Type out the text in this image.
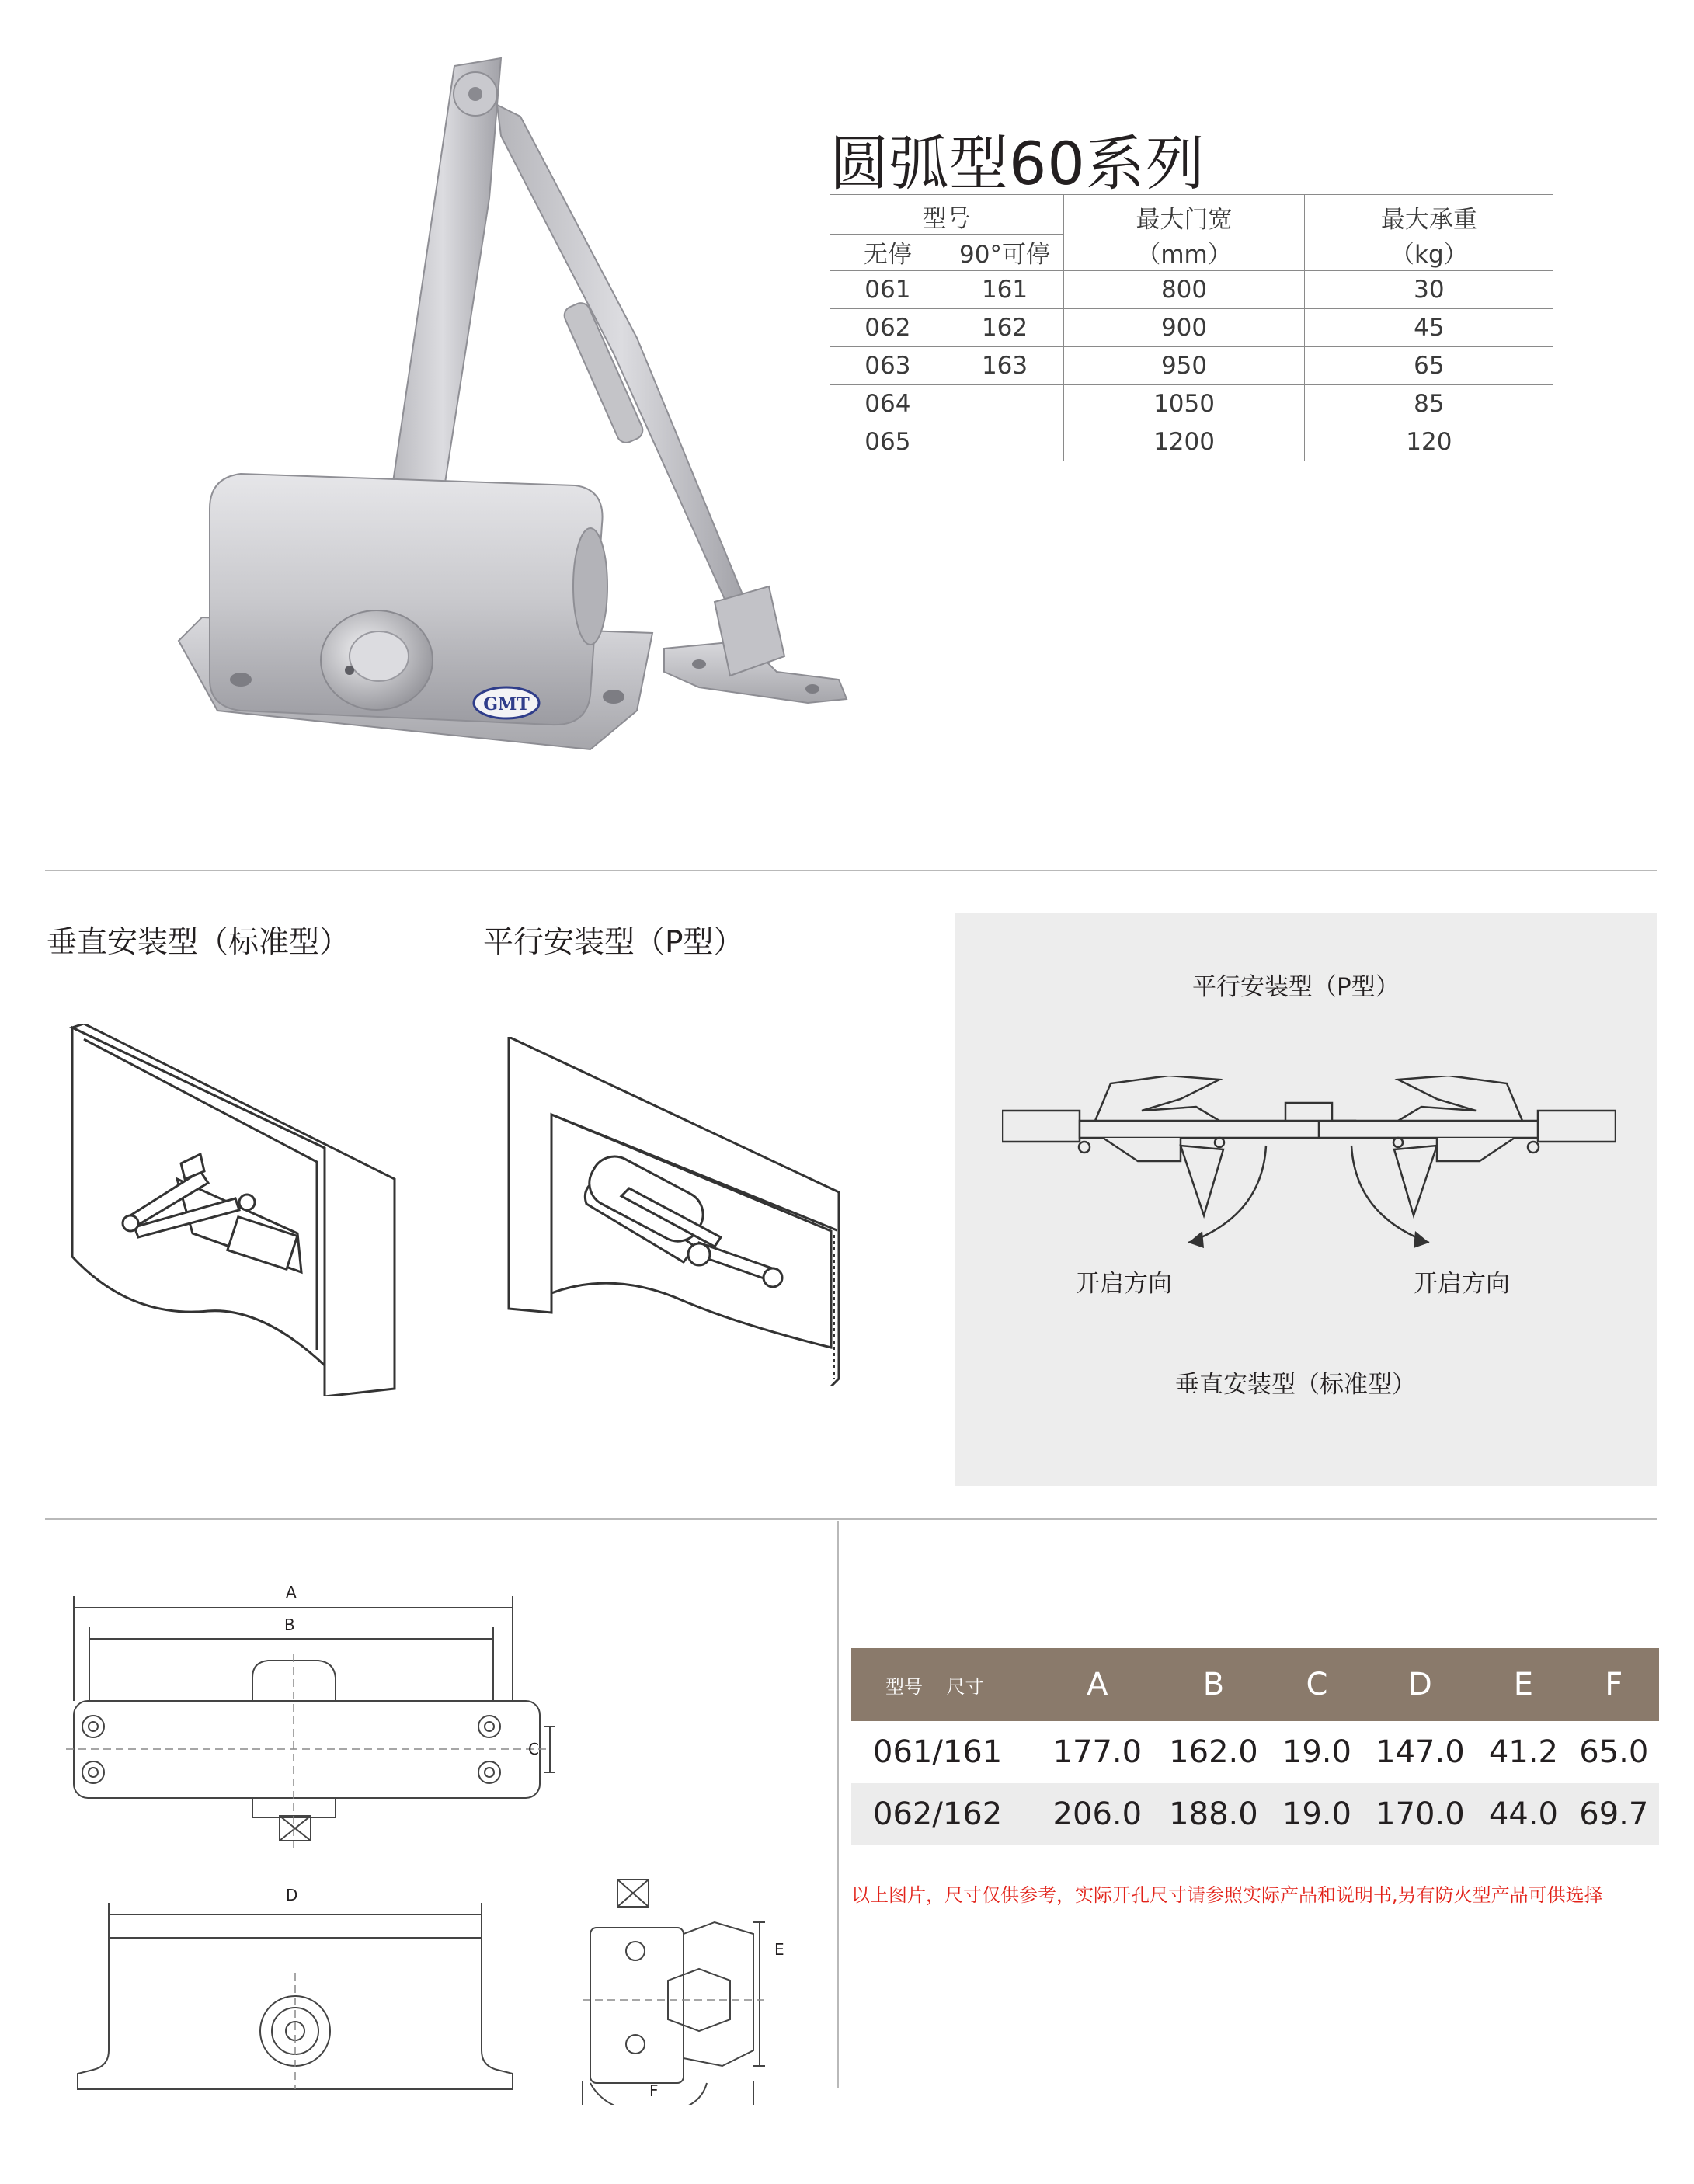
GMT
圆弧型60系列
型号		最大门宽	最大承重
无停	90°可停	（mm）	（kg）
061	161	800	30
062	162	900	45
063	163	950	65
064		1050	85
065		1200	120
垂直安装型（标准型）	平行安装型（P型）
平行安装型（P型）
开启方向	开启方向
垂直安装型（标准型）
A
B
C
D
E
F
型号 尺寸	A	B	C	D	E	F
061/161	177.0	162.0	19.0	147.0	41.2	65.0
062/162	206.0	188.0	19.0	170.0	44.0	69.7
以上图片，尺寸仅供参考，实际开孔尺寸请参照实际产品和说明书,另有防火型产品可供选择
